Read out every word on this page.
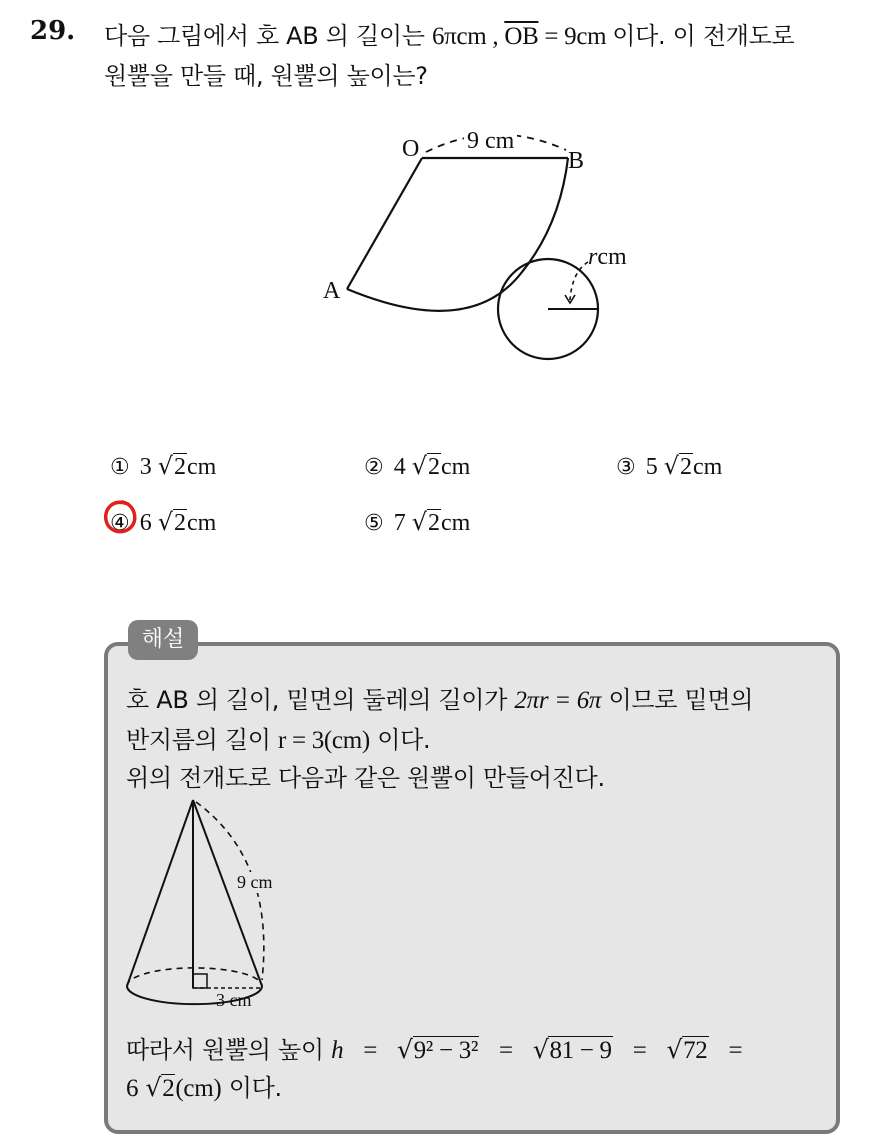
29. 다음 그림에서 호 AB 의 길이는 6πcm , $\overline{OB} = 9cm$ 이다. 이 전개도로
원뿔을 만들 때, 원뿔의 높이는?
O	B
A
9 cm
rcm
① 3 √2cm	② 4 √2cm	③ 5 √2cm
④ 6 √2cm	⑤ 7 √2cm
해설
호 AB 의 길이, 밑면의 둘레의 길이가 2πr = 6π 이므로 밑면의
반지름의 길이 r = 3(cm) 이다.
위의 전개도로 다음과 같은 원뿔이 만들어진다.
9 cm
3 cm
따라서 원뿔의 높이 h = √9² − 3² = √81 − 9 = √72 =
6 √2(cm) 이다.
